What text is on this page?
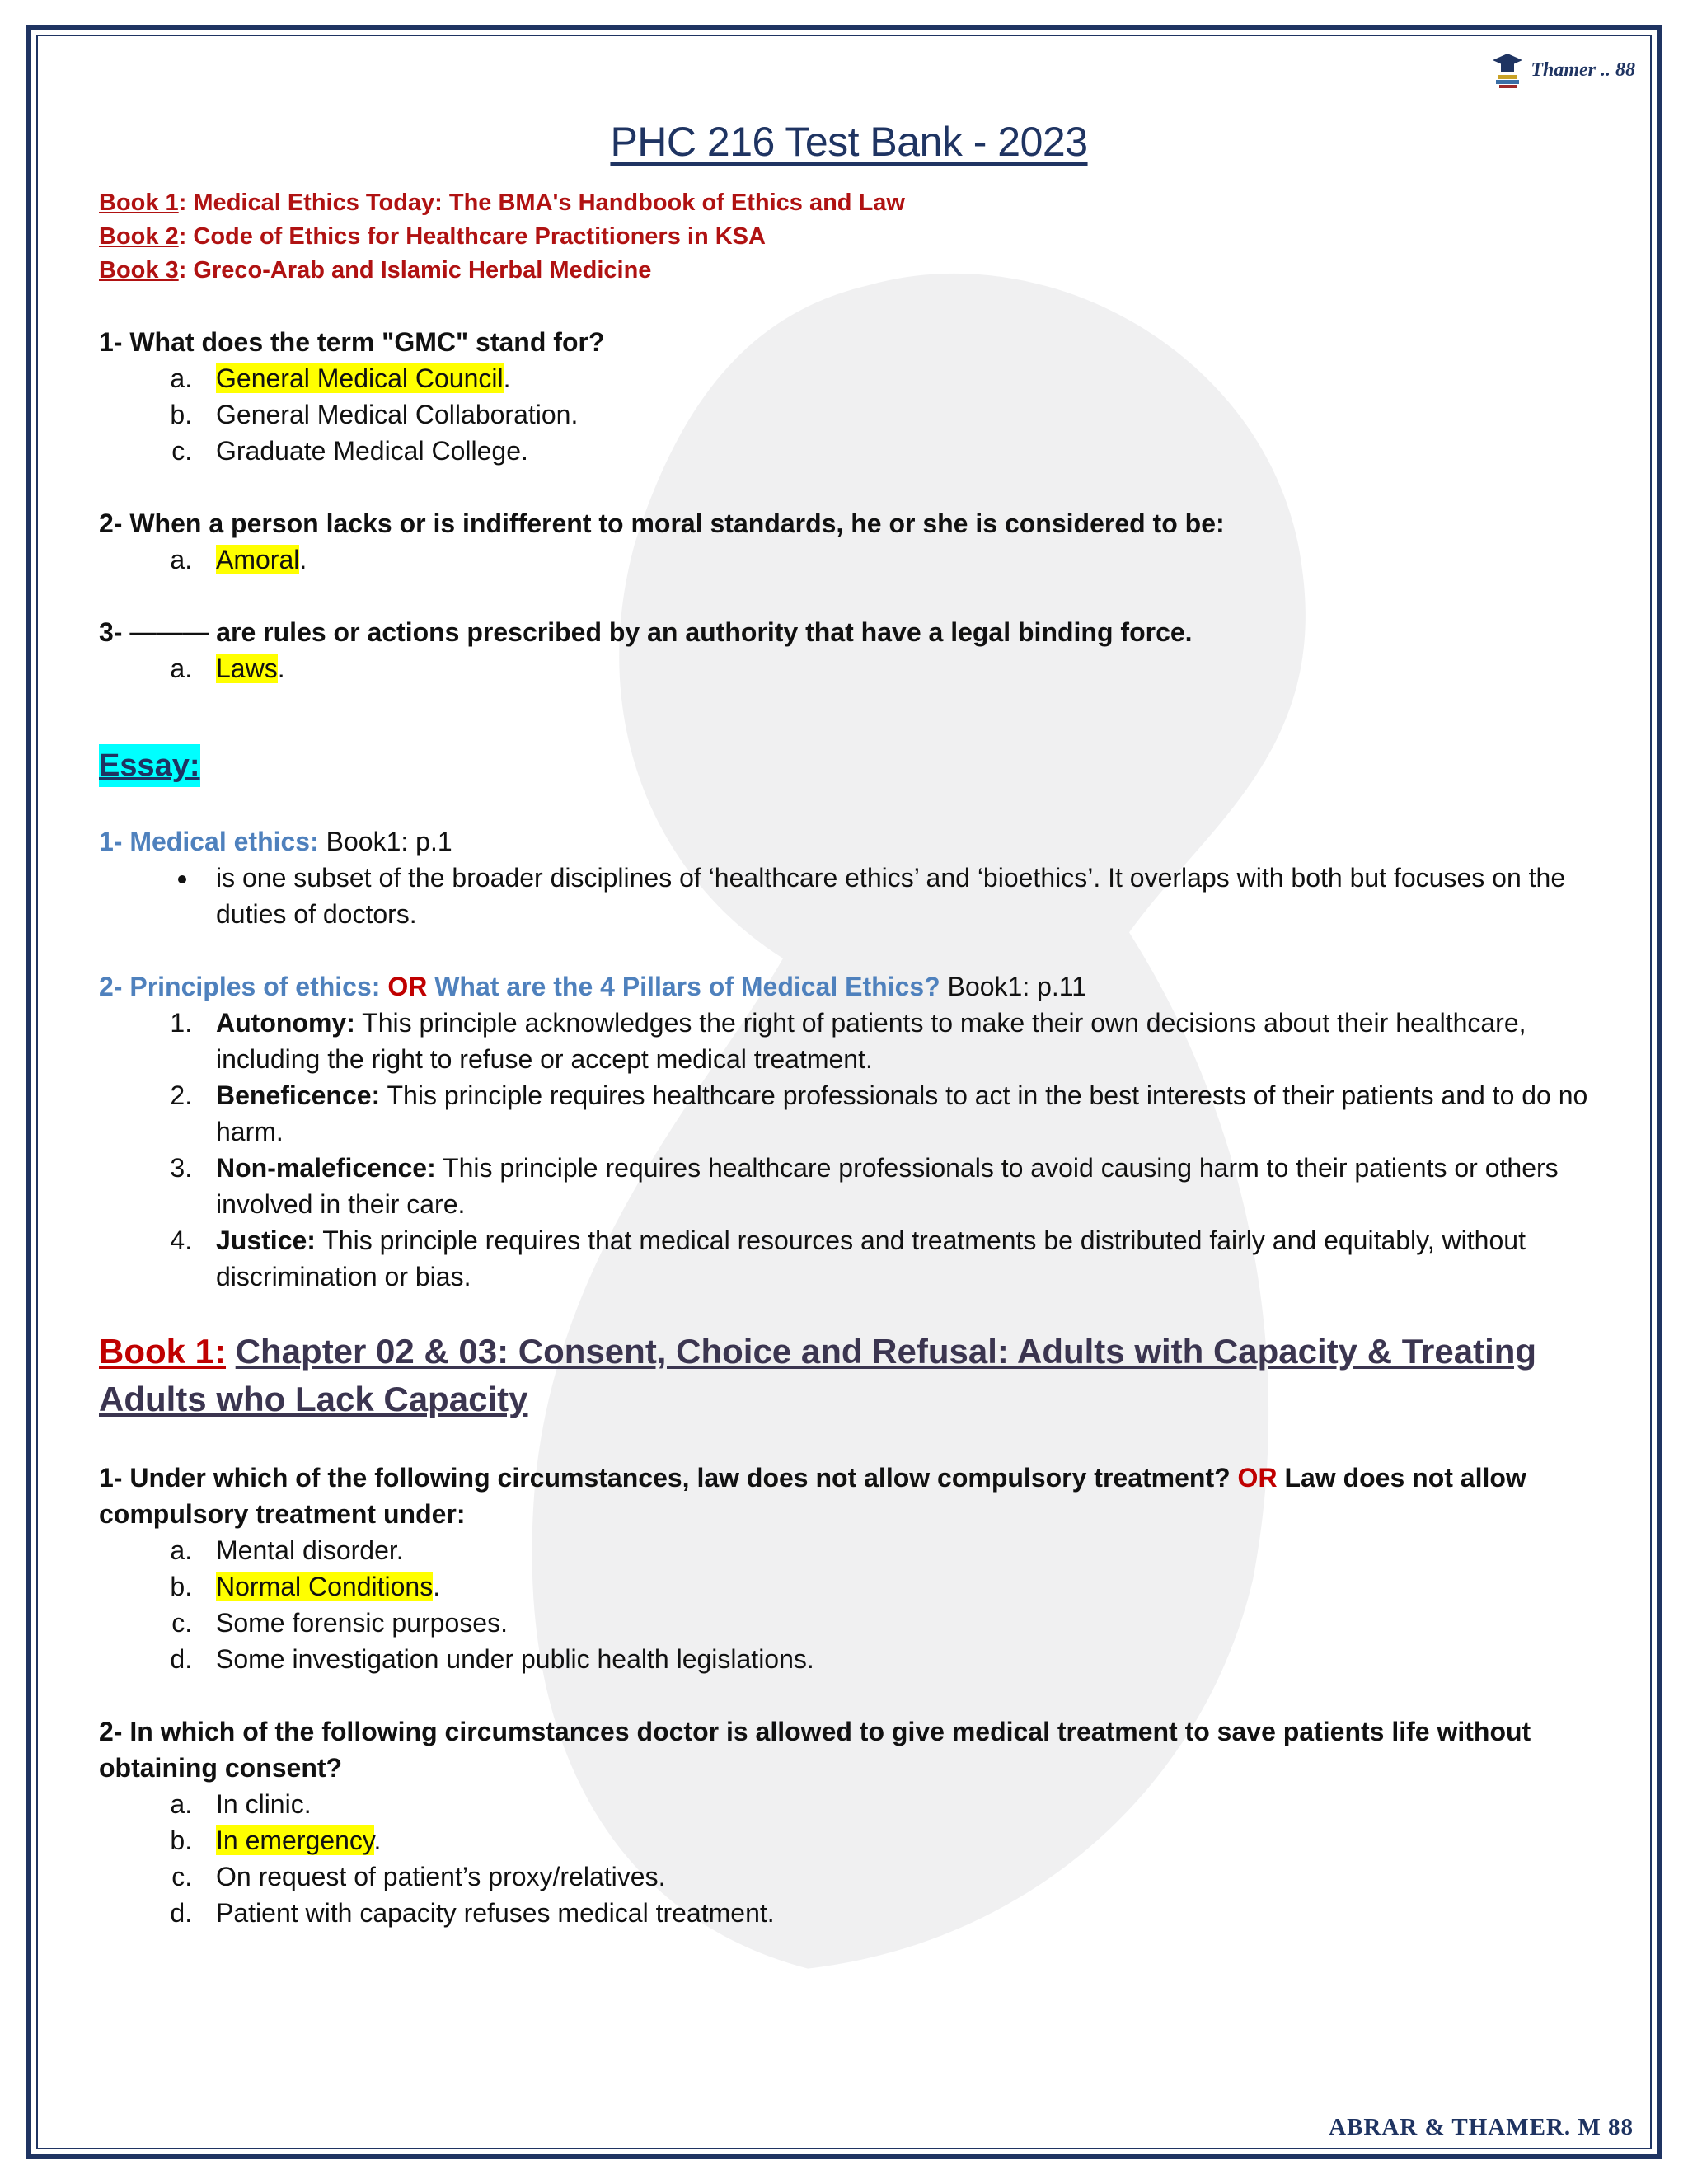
Thamer .. 88
PHC 216 Test Bank - 2023
Book 1: Medical Ethics Today: The BMA's Handbook of Ethics and Law
Book 2: Code of Ethics for Healthcare Practitioners in KSA
Book 3: Greco-Arab and Islamic Herbal Medicine
1- What does the term "GMC" stand for?
a. General Medical Council.
b. General Medical Collaboration.
c. Graduate Medical College.
2- When a person lacks or is indifferent to moral standards, he or she is considered to be:
a. Amoral.
3- ——— are rules or actions prescribed by an authority that have a legal binding force.
a. Laws.
Essay:
1- Medical ethics: Book1: p.1
• is one subset of the broader disciplines of ‘healthcare ethics’ and ‘bioethics’. It overlaps with both but focuses on the duties of doctors.
2- Principles of ethics: OR What are the 4 Pillars of Medical Ethics? Book1: p.11
1. Autonomy: This principle acknowledges the right of patients to make their own decisions about their healthcare, including the right to refuse or accept medical treatment.
2. Beneficence: This principle requires healthcare professionals to act in the best interests of their patients and to do no harm.
3. Non-maleficence: This principle requires healthcare professionals to avoid causing harm to their patients or others involved in their care.
4. Justice: This principle requires that medical resources and treatments be distributed fairly and equitably, without discrimination or bias.
Book 1: Chapter 02 & 03: Consent, Choice and Refusal: Adults with Capacity & Treating Adults who Lack Capacity
1- Under which of the following circumstances, law does not allow compulsory treatment? OR Law does not allow compulsory treatment under:
a. Mental disorder.
b. Normal Conditions.
c. Some forensic purposes.
d. Some investigation under public health legislations.
2- In which of the following circumstances doctor is allowed to give medical treatment to save patients life without obtaining consent?
a. In clinic.
b. In emergency.
c. On request of patient’s proxy/relatives.
d. Patient with capacity refuses medical treatment.
ABRAR & THAMER. M 88
